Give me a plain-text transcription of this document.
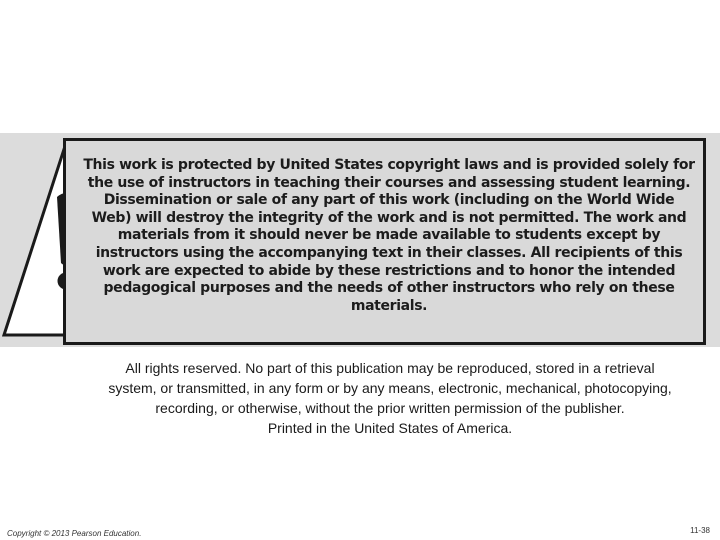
This work is protected by United States copyright laws and is provided solely for the use of instructors in teaching their courses and assessing student learning. Dissemination or sale of any part of this work (including on the World Wide Web) will destroy the integrity of the work and is not permitted. The work and materials from it should never be made available to students except by instructors using the accompanying text in their classes. All recipients of this work are expected to abide by these restrictions and to honor the intended pedagogical purposes and the needs of other instructors who rely on these materials.

All rights reserved. No part of this publication may be reproduced, stored in a retrieval
system, or transmitted, in any form or by any means, electronic, mechanical, photocopying,
recording, or otherwise, without the prior written permission of the publisher.
Printed in the United States of America.

Copyright © 2013 Pearson Education.	11-38
